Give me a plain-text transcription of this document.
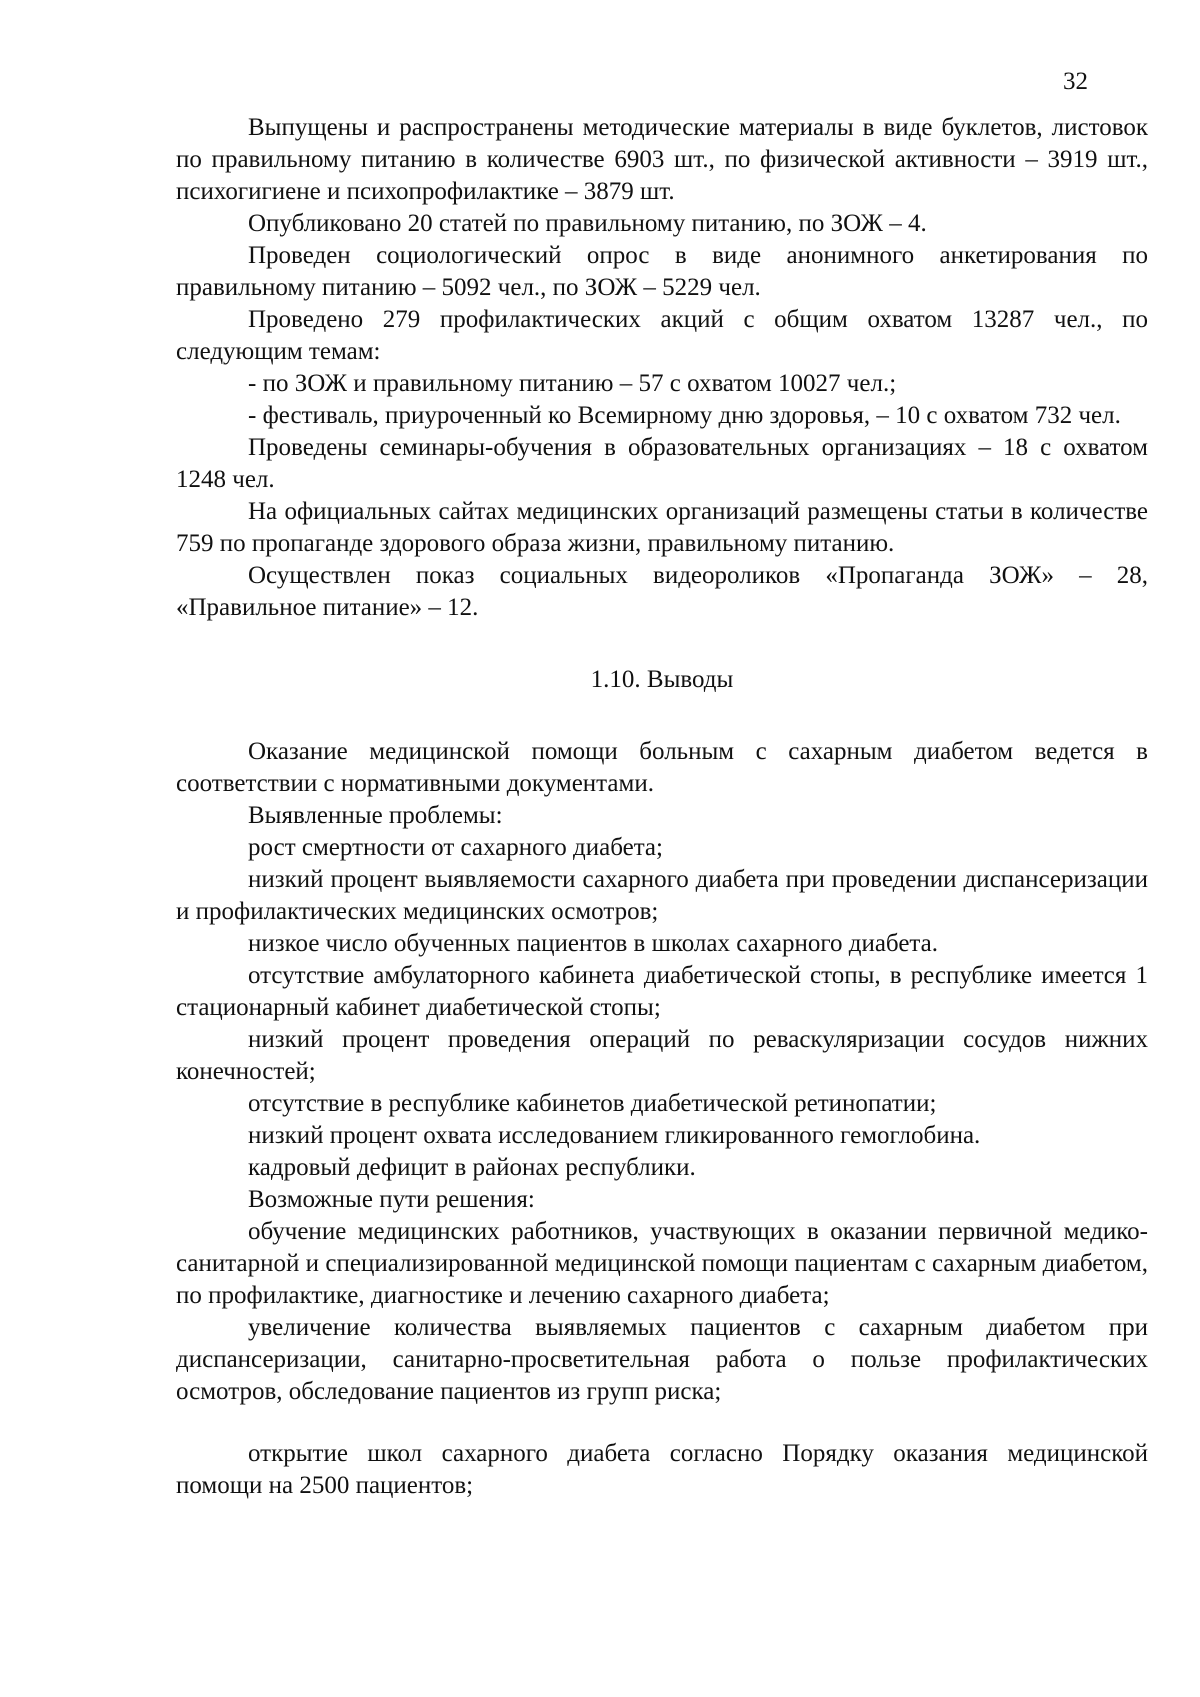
32

Выпущены и распространены методические материалы в виде буклетов, листовок по правильному питанию в количестве 6903 шт., по физической активности – 3919 шт., психогигиене и психопрофилактике – 3879 шт.

Опубликовано 20 статей по правильному питанию, по ЗОЖ – 4.

Проведен социологический опрос в виде анонимного анкетирования по правильному питанию – 5092 чел., по ЗОЖ – 5229 чел.

Проведено 279 профилактических акций с общим охватом 13287 чел., по следующим темам:

- по ЗОЖ и правильному питанию – 57 с охватом 10027 чел.;

- фестиваль, приуроченный ко Всемирному дню здоровья, – 10 с охватом 732 чел.

Проведены семинары-обучения в образовательных организациях – 18 с охватом 1248 чел.

На официальных сайтах медицинских организаций размещены статьи в количестве 759 по пропаганде здорового образа жизни, правильному питанию.

Осуществлен показ социальных видеороликов «Пропаганда ЗОЖ» – 28, «Правильное питание» – 12.

1.10. Выводы

Оказание медицинской помощи больным с сахарным диабетом ведется в соответствии с нормативными документами.

Выявленные проблемы:

рост смертности от сахарного диабета;

низкий процент выявляемости сахарного диабета при проведении диспансеризации и профилактических медицинских осмотров;

низкое число обученных пациентов в школах сахарного диабета.

отсутствие амбулаторного кабинета диабетической стопы, в республике имеется 1 стационарный кабинет диабетической стопы;

низкий процент проведения операций по реваскуляризации сосудов нижних конечностей;

отсутствие в республике кабинетов диабетической ретинопатии;

низкий процент охвата исследованием гликированного гемоглобина.

кадровый дефицит в районах республики.

Возможные пути решения:

обучение медицинских работников, участвующих в оказании первичной медико-санитарной и специализированной медицинской помощи пациентам с сахарным диабетом, по профилактике, диагностике и лечению сахарного диабета;

увеличение количества выявляемых пациентов с сахарным диабетом при диспансеризации, санитарно-просветительная работа о пользе профилактических осмотров, обследование пациентов из групп риска;

открытие школ сахарного диабета согласно Порядку оказания медицинской помощи на 2500 пациентов;
